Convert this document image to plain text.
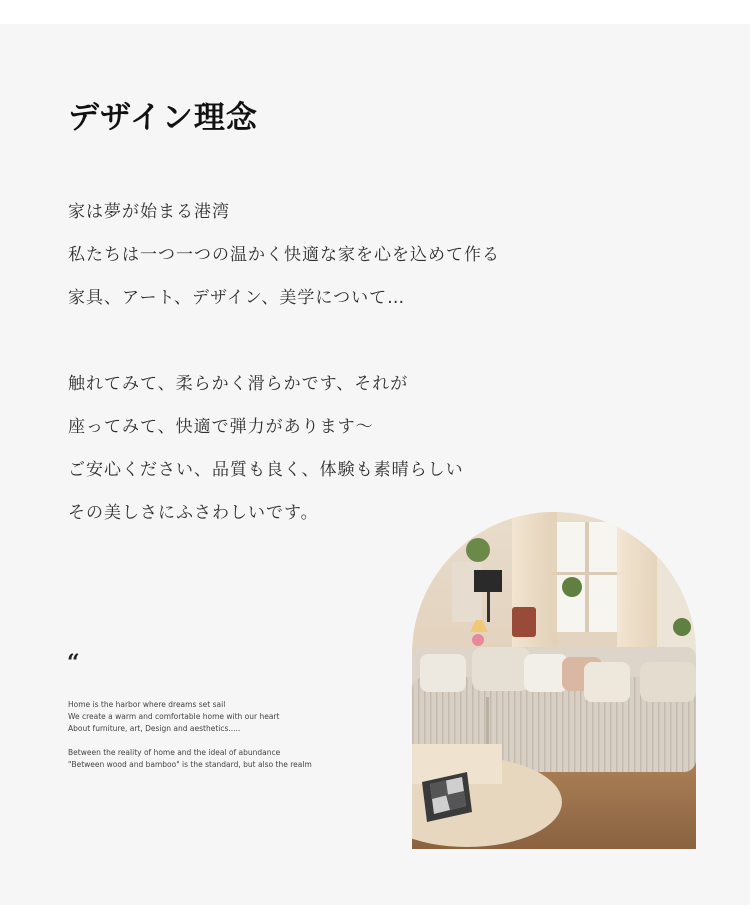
デザイン理念
家は夢が始まる港湾
私たちは一つ一つの温かく快適な家を心を込めて作る
家具、アート、デザイン、美学について…
触れてみて、柔らかく滑らかです、それが
座ってみて、快適で弾力があります～
ご安心ください、品質も良く、体験も素晴らしい
その美しさにふさわしいです。
“
Home is the harbor where dreams set sail
We create a warm and comfortable home with our heart
About furniture, art, Design and aesthetics.....
Between the reality of home and the ideal of abundance
"Between wood and bamboo" is the standard, but also the realm
